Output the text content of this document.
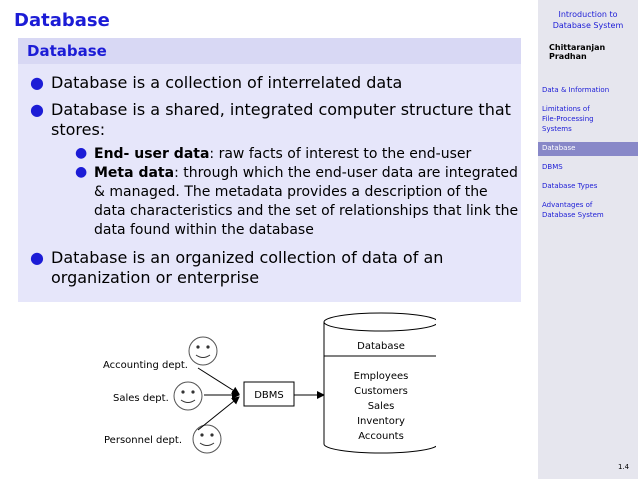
Database
Database
● Database is a collection of interrelated data
● Database is a shared, integrated computer structure that
stores:
● End- user data: raw facts of interest to the end-user
● Meta data: through which the end-user data are integrated
& managed. The metadata provides a description of the
data characteristics and the set of relationships that link the
data found within the database
● Database is an organized collection of data of an
organization or enterprise
Accounting dept.
Sales dept.
Personnel dept.
DBMS
Database
Employees
Customers
Sales
Inventory
Accounts
Introduction to
Database System
Chittaranjan Pradhan
Data & Information
Limitations of
File-Processing
Systems
Database
DBMS
Database Types
Advantages of
Database System
1.4
